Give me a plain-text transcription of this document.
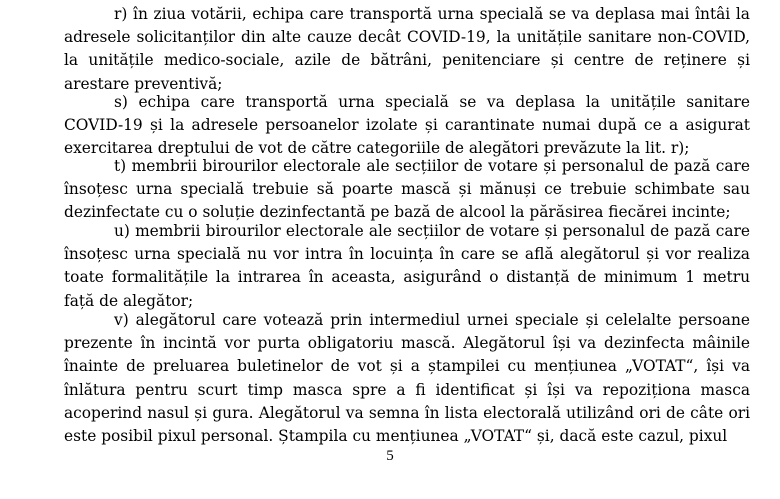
r) în ziua votării, echipa care transportă urna specială se va deplasa mai întâi la adresele solicitanților din alte cauze decât COVID-19, la unitățile sanitare non-COVID, la unitățile medico-sociale, azile de bătrâni, penitenciare și centre de reținere și arestare preventivă;

s) echipa care transportă urna specială se va deplasa la unitățile sanitare COVID-19 și la adresele persoanelor izolate și carantinate numai după ce a asigurat exercitarea dreptului de vot de către categoriile de alegători prevăzute la lit. r);

t) membrii birourilor electorale ale secțiilor de votare și personalul de pază care însoțesc urna specială trebuie să poarte mască și mănuși ce trebuie schimbate sau dezinfectate cu o soluție dezinfectantă pe bază de alcool la părăsirea fiecărei incinte;

u) membrii birourilor electorale ale secțiilor de votare și personalul de pază care însoțesc urna specială nu vor intra în locuința în care se află alegătorul și vor realiza toate formalitățile la intrarea în aceasta, asigurând o distanță de minimum 1 metru față de alegător;

v) alegătorul care votează prin intermediul urnei speciale și celelalte persoane prezente în incintă vor purta obligatoriu mască. Alegătorul își va dezinfecta mâinile înainte de preluarea buletinelor de vot și a ștampilei cu mențiunea „VOTAT“, își va înlătura pentru scurt timp masca spre a fi identificat și își va repoziționa masca acoperind nasul și gura. Alegătorul va semna în lista electorală utilizând ori de câte ori este posibil pixul personal. Ștampila cu mențiunea „VOTAT“ și, dacă este cazul, pixul

5
